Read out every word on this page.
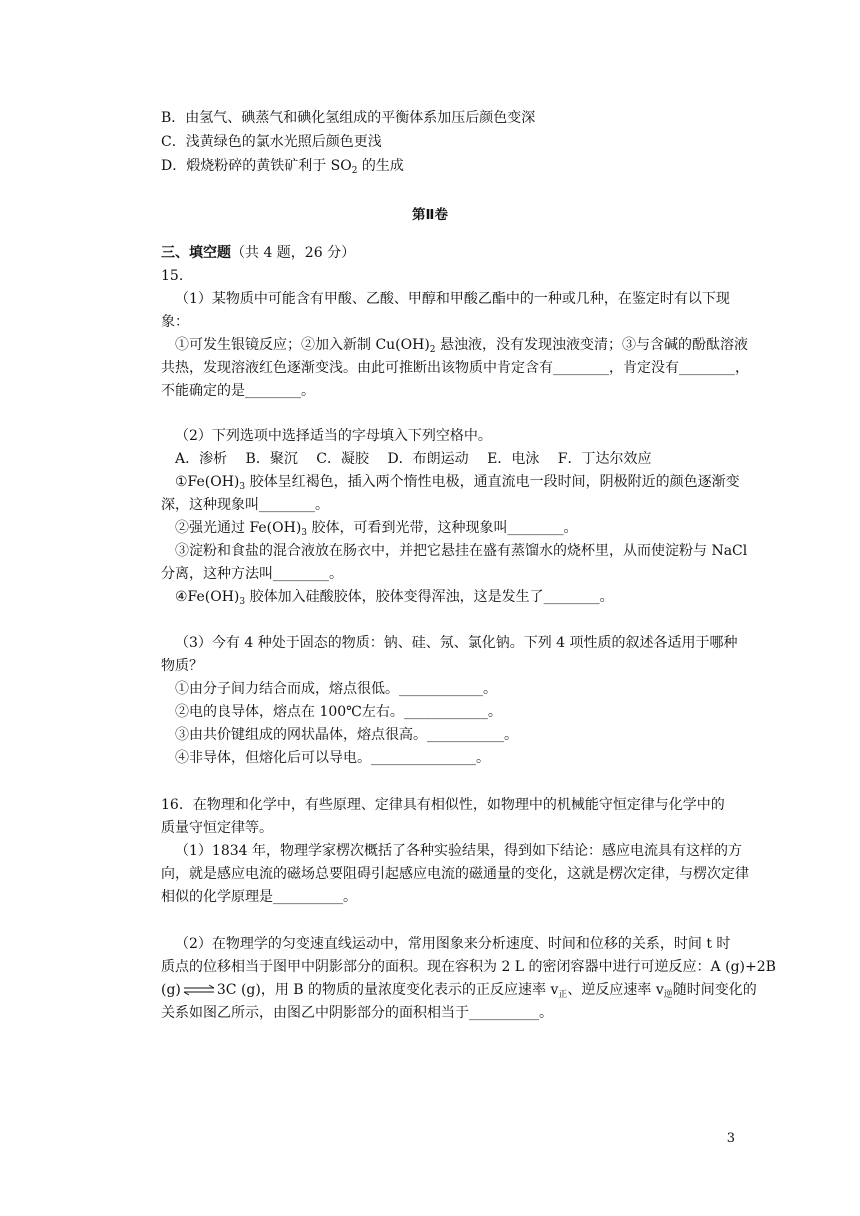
B．由氢气、碘蒸气和碘化氢组成的平衡体系加压后颜色变深
C．浅黄绿色的氯水光照后颜色更浅
D．煅烧粉碎的黄铁矿利于 $SO_2$ 的生成
第Ⅱ卷
三、填空题（共 4 题，26 分）
15.
（1）某物质中可能含有甲酸、乙酸、甲醇和甲酸乙酯中的一种或几种，在鉴定时有以下现
象：
①可发生银镜反应；②加入新制 $Cu(OH)_2$ 悬浊液，没有发现浊液变清；③与含碱的酚酞溶液
共热，发现溶液红色逐渐变浅。由此可推断出该物质中肯定含有________，肯定没有________，
不能确定的是________。
（2）下列选项中选择适当的字母填入下列空格中。
A．渗析　 B．聚沉　 C．凝胶　 D．布朗运动　 E．电泳　 F．丁达尔效应
$①Fe(OH)_3$ 胶体呈红褐色，插入两个惰性电极，通直流电一段时间，阴极附近的颜色逐渐变
深，这种现象叫________。
②强光通过 $Fe(OH)_3$ 胶体，可看到光带，这种现象叫________。
③淀粉和食盐的混合液放在肠衣中，并把它悬挂在盛有蒸馏水的烧杯里，从而使淀粉与 NaCl
分离，这种方法叫________。
$④Fe(OH)_3$ 胶体加入硅酸胶体，胶体变得浑浊，这是发生了________。
（3）今有 4 种处于固态的物质：钠、硅、氖、氯化钠。下列 4 项性质的叙述各适用于哪种
物质？
①由分子间力结合而成，熔点很低。____________。
②电的良导体，熔点在 100℃左右。____________。
③由共价键组成的网状晶体，熔点很高。___________。
④非导体，但熔化后可以导电。_______________。
16．在物理和化学中，有些原理、定律具有相似性，如物理中的机械能守恒定律与化学中的
质量守恒定律等。
（1）1834 年，物理学家楞次概括了各种实验结果，得到如下结论：感应电流具有这样的方
向，就是感应电流的磁场总要阻碍引起感应电流的磁通量的变化，这就是楞次定律，与楞次定律
相似的化学原理是__________。
（2）在物理学的匀变速直线运动中，常用图象来分析速度、时间和位移的关系，时间 t 时
质点的位移相当于图甲中阴影部分的面积。现在容积为 2 L 的密闭容器中进行可逆反应：A (g)+2B
(g)⇌3C (g)，用 B 的物质的量浓度变化表示的正反应速率 $v_正$、逆反应速率 $v_逆$随时间变化的
关系如图乙所示，由图乙中阴影部分的面积相当于__________。
3
